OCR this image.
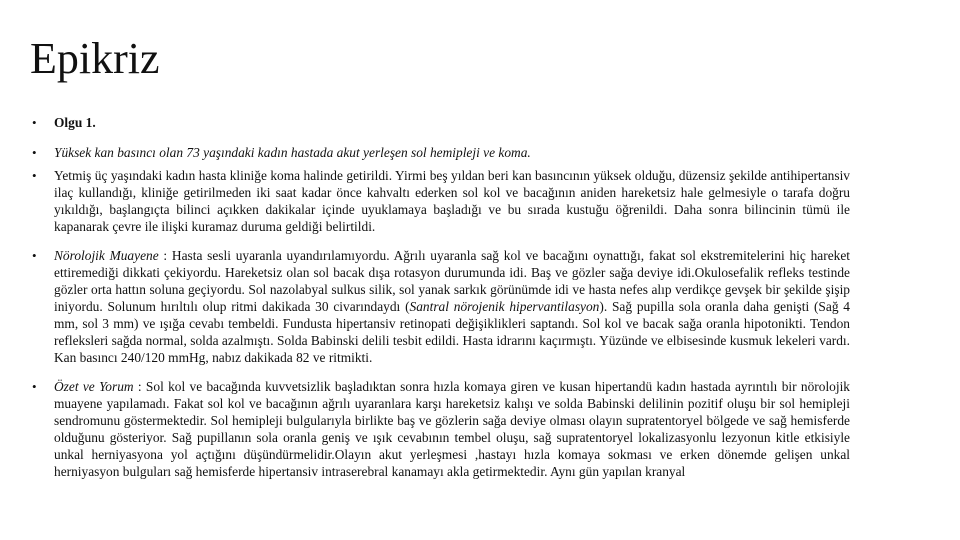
Epikriz
• Olgu 1.
• Yüksek kan basıncı olan 73 yaşındaki kadın hastada akut yerleşen sol hemipleji ve koma.
• Yetmiş üç yaşındaki kadın hasta kliniğe koma halinde getirildi. Yirmi beş yıldan beri kan basıncının yüksek olduğu, düzensiz şekilde antihipertansiv ilaç kullandığı, kliniğe getirilmeden iki saat kadar önce kahvaltı ederken sol kol ve bacağının aniden hareketsiz hale gelmesiyle o tarafa doğru yıkıldığı, başlangıçta bilinci açıkken dakikalar içinde uyuklamaya başladığı ve bu sırada kustuğu öğrenildi. Daha sonra bilincinin tümü ile kapanarak çevre ile ilişki kuramaz duruma geldiği belirtildi.
• Nörolojik Muayene : Hasta sesli uyaranla uyandırılamıyordu. Ağrılı uyaranla sağ kol ve bacağını oynattığı, fakat sol ekstremitelerini hiç hareket ettiremediği dikkati çekiyordu. Hareketsiz olan sol bacak dışa rotasyon durumunda idi. Baş ve gözler sağa deviye idi.Okulosefalik refleks testinde gözler orta hattın soluna geçiyordu. Sol nazolabyal sulkus silik, sol yanak sarkık görünümde idi ve hasta nefes alıp verdikçe gevşek bir şekilde şişip iniyordu. Solunum hırıltılı olup ritmi dakikada 30 civarındaydı (Santral nörojenik hipervantilasyon). Sağ pupilla sola oranla daha genişti (Sağ 4 mm, sol 3 mm) ve ışığa cevabı tembeldi. Fundusta hipertansiv retinopati değişiklikleri saptandı. Sol kol ve bacak sağa oranla hipotonikti. Tendon refleksleri sağda normal, solda azalmıştı. Solda Babinski delili tesbit edildi. Hasta idrarını kaçırmıştı. Yüzünde ve elbisesinde kusmuk lekeleri vardı. Kan basıncı 240/120 mmHg, nabız dakikada 82 ve ritmikti.
• Özet ve Yorum : Sol kol ve bacağında kuvvetsizlik başladıktan sonra hızla komaya giren ve kusan hipertandü kadın hastada ayrıntılı bir nörolojik muayene yapılamadı. Fakat sol kol ve bacağının ağrılı uyaranlara karşı hareketsiz kalışı ve solda Babinski delilinin pozitif oluşu bir sol hemipleji sendromunu göstermektedir. Sol hemipleji bulgularıyla birlikte baş ve gözlerin sağa deviye olması olayın supratentoryel bölgede ve sağ hemisferde olduğunu gösteriyor. Sağ pupillanın sola oranla geniş ve ışık cevabının tembel oluşu, sağ supratentoryel lokalizasyonlu lezyonun kitle etkisiyle unkal herniyasyona yol açtığını düşündürmelidir.Olayın akut yerleşmesi ,hastayı hızla komaya sokması ve erken dönemde gelişen unkal herniyasyon bulguları sağ hemisferde hipertansiv intraserebral kanamayı akla getirmektedir. Aynı gün yapılan kranyal
